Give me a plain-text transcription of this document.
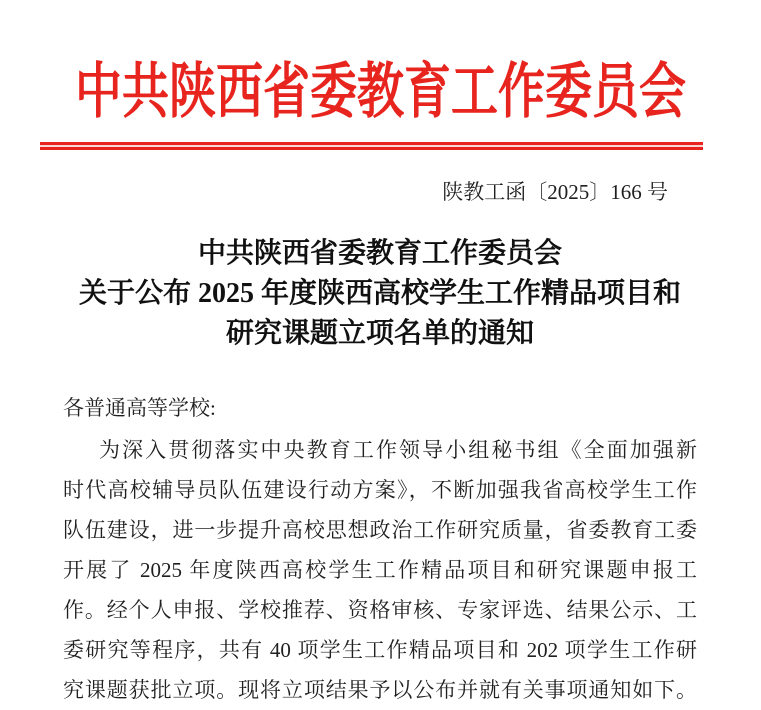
中共陕西省委教育工作委员会
陕教工函〔2025〕166 号
中共陕西省委教育工作委员会
关于公布 2025 年度陕西高校学生工作精品项目和
研究课题立项名单的通知
各普通高等学校:
为深入贯彻落实中央教育工作领导小组秘书组《全面加强新
时代高校辅导员队伍建设行动方案》，不断加强我省高校学生工作
队伍建设，进一步提升高校思想政治工作研究质量，省委教育工委
开展了 2025 年度陕西高校学生工作精品项目和研究课题申报工
作。经个人申报、学校推荐、资格审核、专家评选、结果公示、工
委研究等程序，共有 40 项学生工作精品项目和 202 项学生工作研
究课题获批立项。现将立项结果予以公布并就有关事项通知如下。
